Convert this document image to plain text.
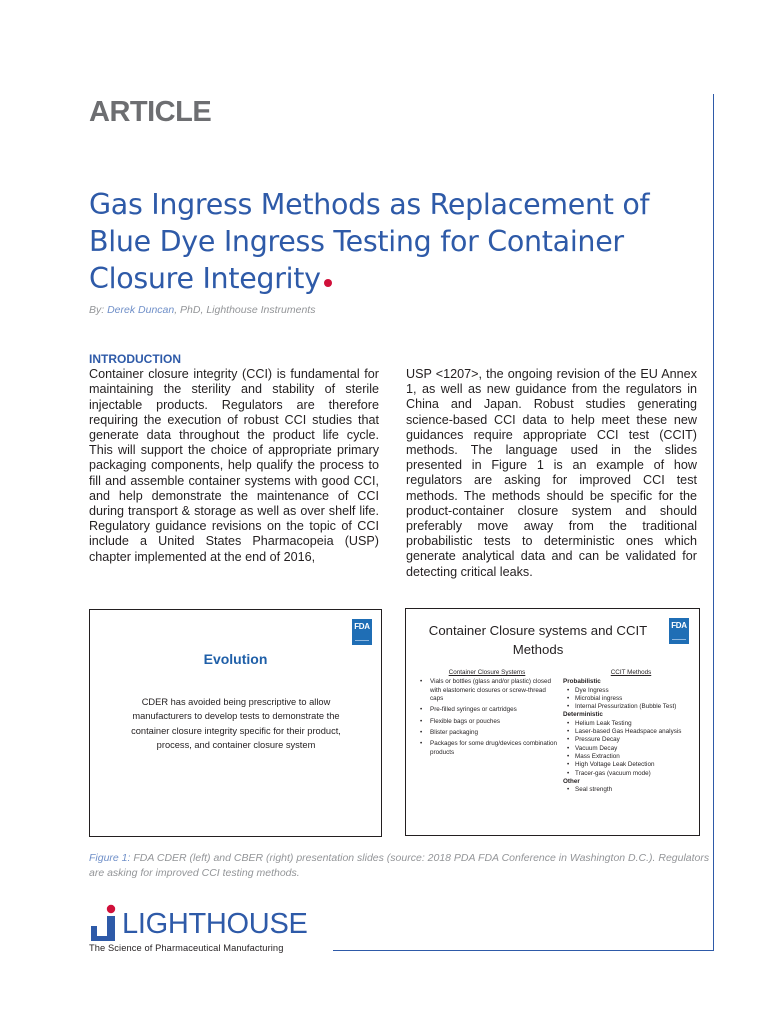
ARTICLE
Gas Ingress Methods as Replacement of Blue Dye Ingress Testing for Container Closure Integrity
By: Derek Duncan, PhD, Lighthouse Instruments
INTRODUCTION

Container closure integrity (CCI) is fundamental for maintaining the sterility and stability of sterile injectable products. Regulators are therefore requiring the execution of robust CCI studies that generate data throughout the product life cycle. This will support the choice of appropriate primary packaging components, help qualify the process to fill and assemble container systems with good CCI, and help demonstrate the maintenance of CCI during transport & storage as well as over shelf life. Regulatory guidance revisions on the topic of CCI include a United States Pharmacopeia (USP) chapter implemented at the end of 2016,

USP <1207>, the ongoing revision of the EU Annex 1, as well as new guidance from the regulators in China and Japan. Robust studies generating science-based CCI data to help meet these new guidances require appropriate CCI test (CCIT) methods. The language used in the slides presented in Figure 1 is an example of how regulators are asking for improved CCI test methods. The methods should be specific for the product-container closure system and should preferably move away from the traditional probabilistic tests to deterministic ones which generate analytical data and can be validated for detecting critical leaks.

FDA
Evolution
CDER has avoided being prescriptive to allow manufacturers to develop tests to demonstrate the container closure integrity specific for their product, process, and container closure system
FDA
Container Closure systems and CCIT Methods
Container Closure Systems
• Vials or bottles (glass and/or plastic) closed with elastomeric closures or screw-thread caps
• Pre-filled syringes or cartridges
• Flexible bags or pouches
• Blister packaging
• Packages for some drug/devices combination products
CCIT Methods
Probabilistic
• Dye Ingress
• Microbial ingress
• Internal Pressurization (Bubble Test)
Deterministic
• Helium Leak Testing
• Laser-based Gas Headspace analysis
• Pressure Decay
• Vacuum Decay
• Mass Extraction
• High Voltage Leak Detection
• Tracer-gas (vacuum mode)
Other
• Seal strength
Figure 1: FDA CDER (left) and CBER (right) presentation slides (source: 2018 PDA FDA Conference in Washington D.C.). Regulators are asking for improved CCI testing methods.
LIGHTHOUSE
The Science of Pharmaceutical Manufacturing
